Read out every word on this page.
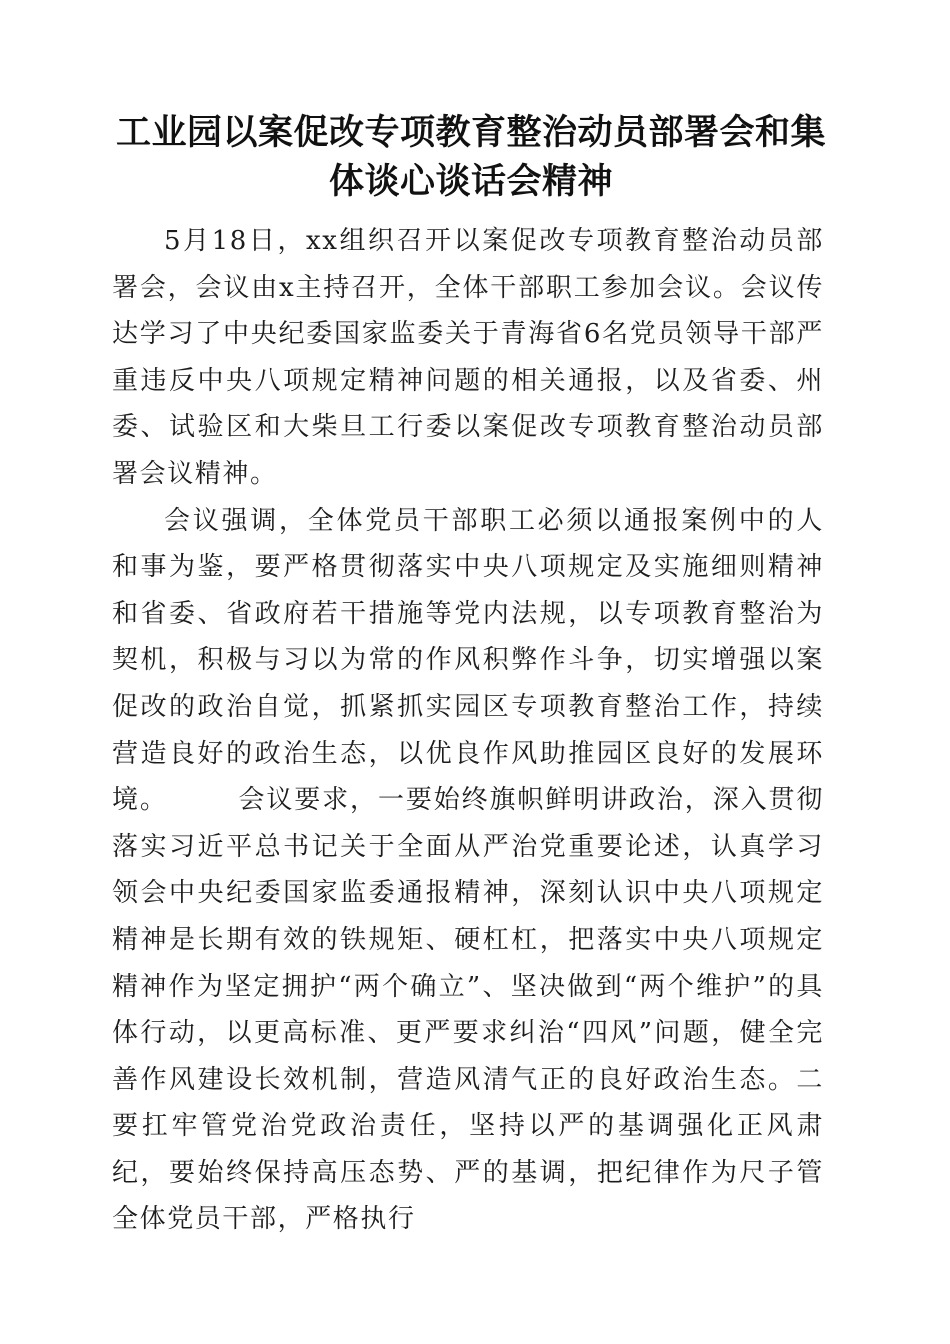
工业园以案促改专项教育整治动员部署会和集体谈心谈话会精神

5月18日，xx组织召开以案促改专项教育整治动员部署会，会议由x主持召开，全体干部职工参加会议。会议传达学习了中央纪委国家监委关于青海省6名党员领导干部严重违反中央八项规定精神问题的相关通报，以及省委、州委、试验区和大柴旦工行委以案促改专项教育整治动员部署会议精神。

会议强调，全体党员干部职工必须以通报案例中的人和事为鉴，要严格贯彻落实中央八项规定及实施细则精神和省委、省政府若干措施等党内法规，以专项教育整治为契机，积极与习以为常的作风积弊作斗争，切实增强以案促改的政治自觉，抓紧抓实园区专项教育整治工作，持续营造良好的政治生态，以优良作风助推园区良好的发展环境。　　　会议要求，一要始终旗帜鲜明讲政治，深入贯彻落实习近平总书记关于全面从严治党重要论述，认真学习领会中央纪委国家监委通报精神，深刻认识中央八项规定精神是长期有效的铁规矩、硬杠杠，把落实中央八项规定精神作为坚定拥护“两个确立”、坚决做到“两个维护”的具体行动，以更高标准、更严要求纠治“四风”问题，健全完善作风建设长效机制，营造风清气正的良好政治生态。二要扛牢管党治党政治责任，坚持以严的基调强化正风肃纪，要始终保持高压态势、严的基调，把纪律作为尺子管全体党员干部，严格执行
